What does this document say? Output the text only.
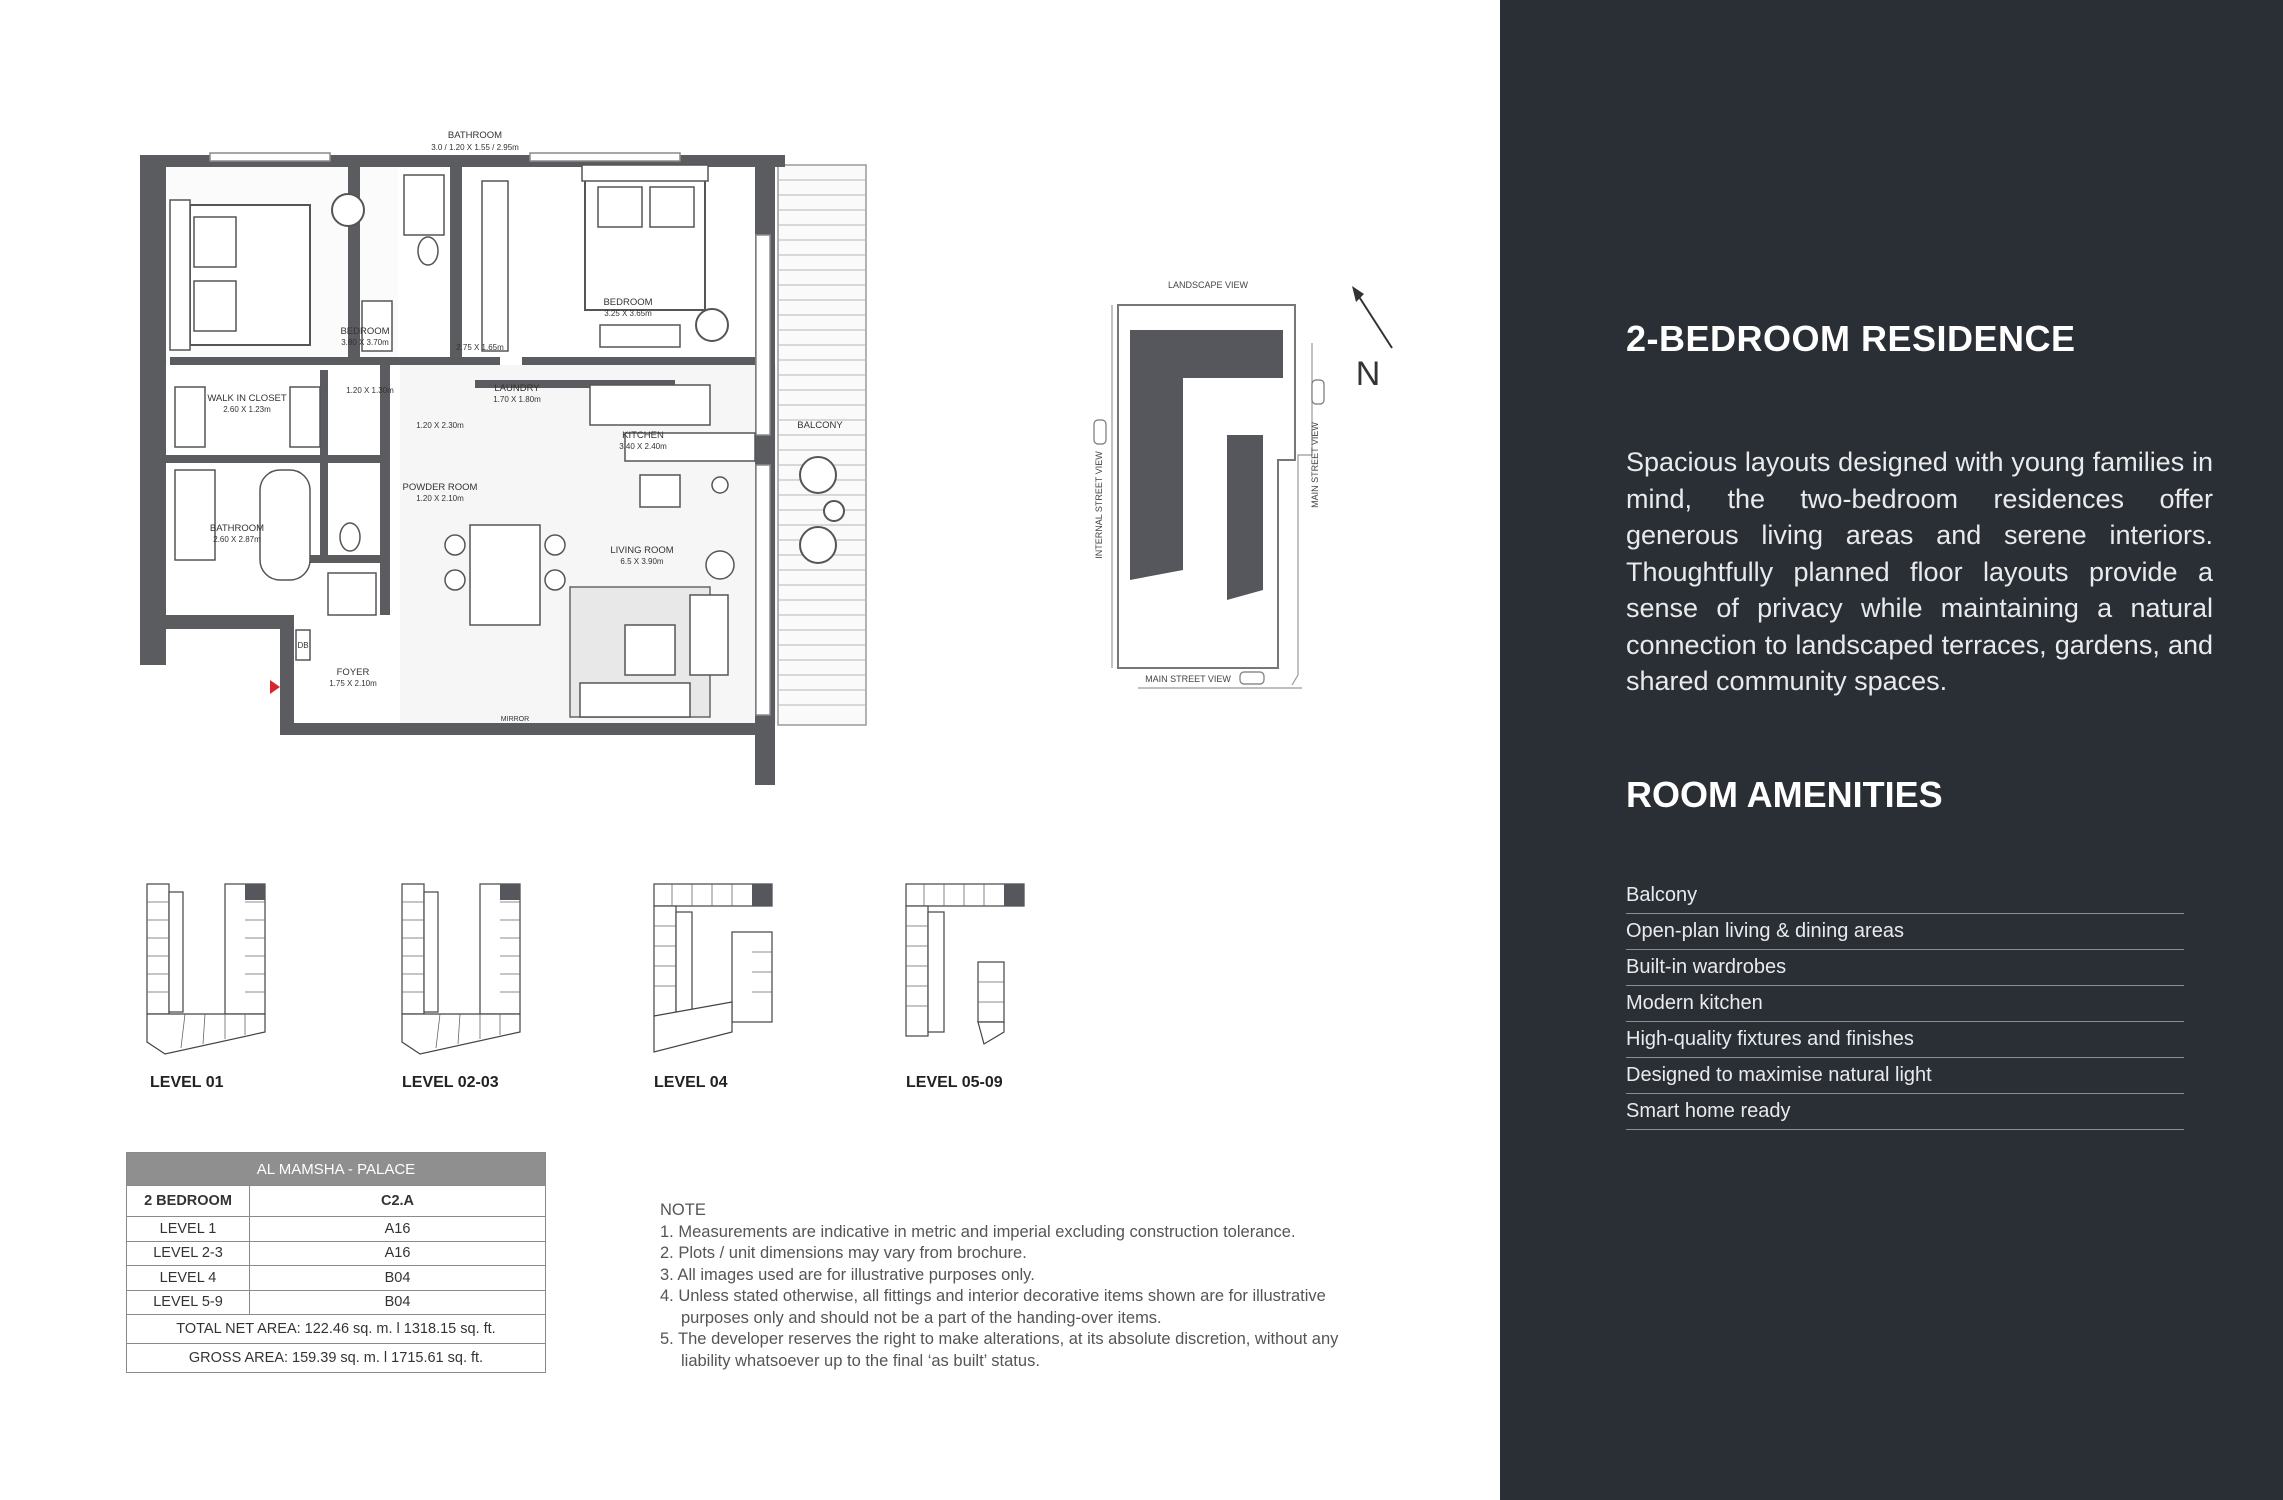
BATHROOM
3.0 / 1.20 X 1.55 / 2.95m
BEDROOM
3.80 X 3.70m
BEDROOM
3.25 X 3.65m
2.75 X 1.65m
WALK IN CLOSET
2.60 X 1.23m
1.20 X 1.30m	LAUNDRY
1.70 X 1.80m
KITCHEN
3.40 X 2.40m
1.20 X 2.30m
POWDER ROOM
1.20 X 2.10m
BATHROOM
2.60 X 2.87m
LIVING ROOM
6.5 X 3.90m
FOYER
1.75 X 2.10m
BALCONY
MIRROR
DB
N
LANDSCAPE VIEW
INTERNAL STREET VIEW	MAIN STREET VIEW
MAIN STREET VIEW
LEVEL 01	LEVEL 02-03	LEVEL 04	LEVEL 05-09
AL MAMSHA - PALACE	
2 BEDROOM	C2.A
LEVEL 1	A16
LEVEL 2-3	A16
LEVEL 4	B04
LEVEL 5-9	B04
TOTAL NET AREA: 122.46 sq. m. l 1318.15 sq. ft.	
GROSS AREA: 159.39 sq. m. l 1715.61 sq. ft.	
NOTE
1. Measurements are indicative in metric and imperial excluding construction tolerance.
2. Plots / unit dimensions may vary from brochure.
3. All images used are for illustrative purposes only.
4. Unless stated otherwise, all fittings and interior decorative items shown are for illustrative purposes only and should not be a part of the handing-over items.
5. The developer reserves the right to make alterations, at its absolute discretion, without any liability whatsoever up to the final ‘as built’ status.
2-BEDROOM RESIDENCE
Spacious layouts designed with young families in mind, the two-bedroom residences offer generous living areas and serene interiors. Thoughtfully planned floor layouts provide a sense of privacy while maintaining a natural connection to landscaped terraces, gardens, and shared community spaces.
ROOM AMENITIES
Balcony
Open-plan living & dining areas
Built-in wardrobes
Modern kitchen
High-quality fixtures and finishes
Designed to maximise natural light
Smart home ready
